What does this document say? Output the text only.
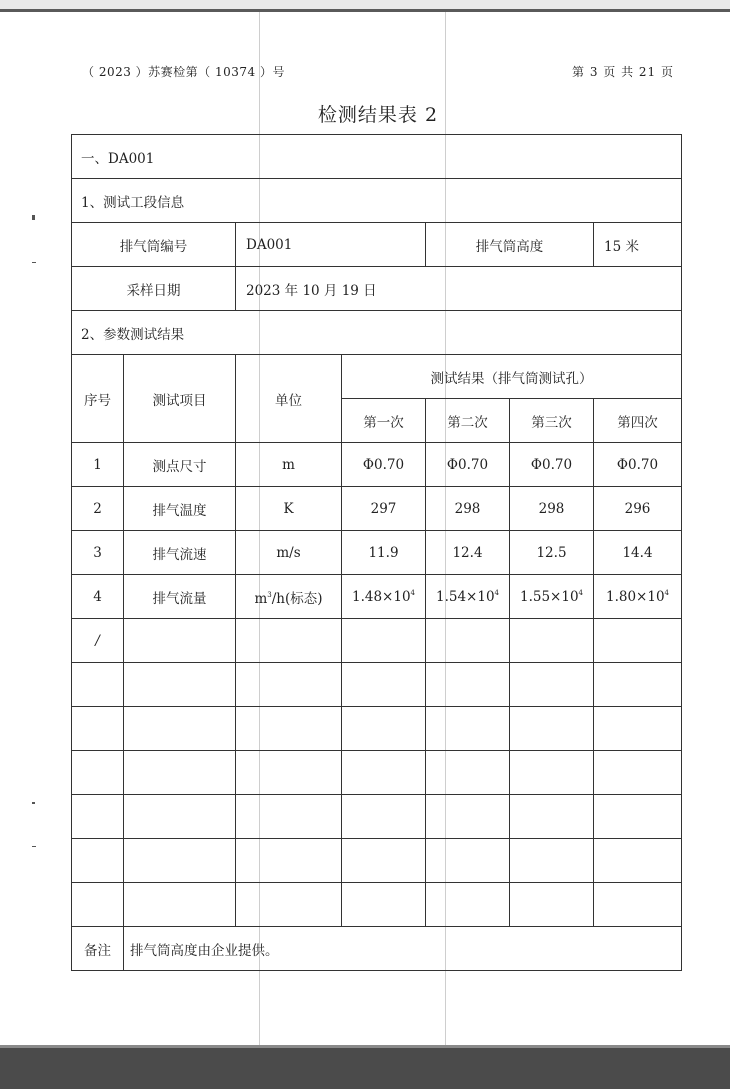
（ 2023 ）苏赛检第（ 10374 ）号	第 3 页 共 21 页
检测结果表 2
一、DA001						
1、测试工段信息						
排气筒编号		DA001		排气筒高度		15 米
采样日期		2023 年 10 月 19 日				
2、参数测试结果						
序号	测试项目	单位	测试结果（排气筒测试孔）			
			第一次	第二次	第三次	第四次
1	测点尺寸	m	Φ0.70	Φ0.70	Φ0.70	Φ0.70
2	排气温度	K	297	298	298	296
3	排气流速	m/s	11.9	12.4	12.5	14.4
4	排气流量	$m^3/h$(标态)	$1.48\times 10^4$	$1.54\times 10^4$	$1.55\times 10^4$	$1.80\times 10^4$
/						

备注	排气筒高度由企业提供。					
